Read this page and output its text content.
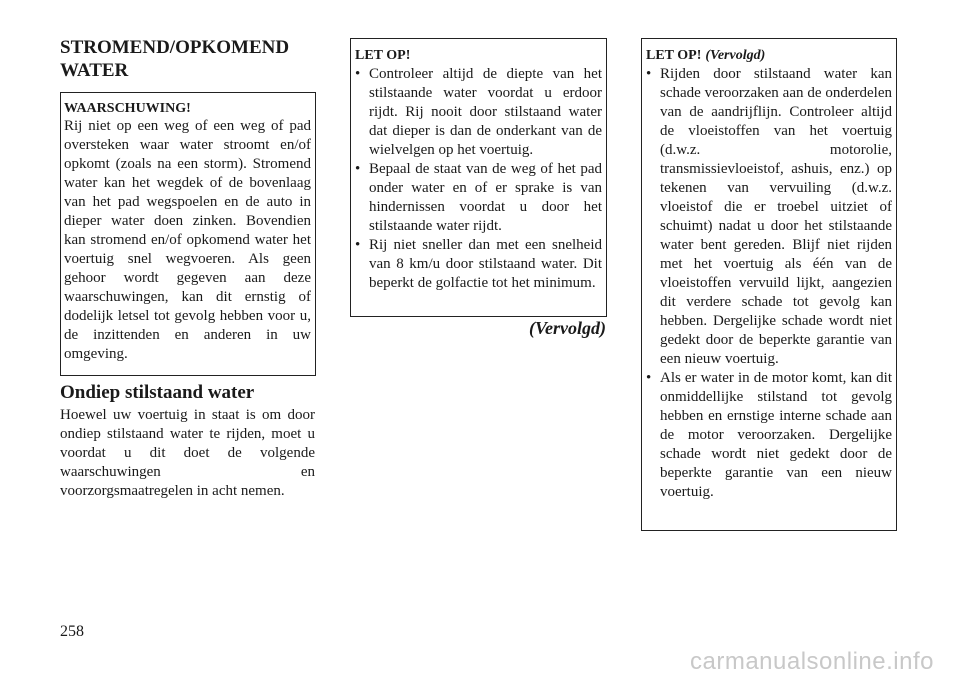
STROMEND/OPKOMEND WATER

WAARSCHUWING!

Rij niet op een weg of een weg of pad oversteken waar water stroomt en/of opkomt (zoals na een storm). Stromend water kan het wegdek of de bovenlaag van het pad wegspoelen en de auto in dieper water doen zinken. Bovendien kan stromend en/of opkomend water het voertuig snel wegvoeren. Als geen gehoor wordt gegeven aan deze waarschuwingen, kan dit ernstig of dodelijk letsel tot gevolg hebben voor u, de inzittenden en anderen in uw omgeving.

Ondiep stilstaand water

Hoewel uw voertuig in staat is om door ondiep stilstaand water te rijden, moet u voordat u dit doet de volgende waarschuwingen en voorzorgsmaatregelen in acht nemen.

LET OP!

• Controleer altijd de diepte van het stilstaande water voordat u erdoor rijdt. Rij nooit door stilstaand water dat dieper is dan de onderkant van de wielvelgen op het voertuig.
• Bepaal de staat van de weg of het pad onder water en of er sprake is van hindernissen voordat u door het stilstaande water rijdt.
• Rij niet sneller dan met een snelheid van 8 km/u door stilstaand water. Dit beperkt de golfactie tot het minimum.
(Vervolgd)

LET OP! (Vervolgd)

• Rijden door stilstaand water kan schade veroorzaken aan de onderdelen van de aandrijflijn. Controleer altijd de vloeistoffen van het voertuig (d.w.z. motorolie, transmissievloeistof, ashuis, enz.) op tekenen van vervuiling (d.w.z. vloeistof die er troebel uitziet of schuimt) nadat u door het stilstaande water bent gereden. Blijf niet rijden met het voertuig als één van de vloeistoffen vervuild lijkt, aangezien dit verdere schade tot gevolg kan hebben. Dergelijke schade wordt niet gedekt door de beperkte garantie van een nieuw voertuig.
• Als er water in de motor komt, kan dit onmiddellijke stilstand tot gevolg hebben en ernstige interne schade aan de motor veroorzaken. Dergelijke schade wordt niet gedekt door de beperkte garantie van een nieuw voertuig.
258
carmanualsonline.info
